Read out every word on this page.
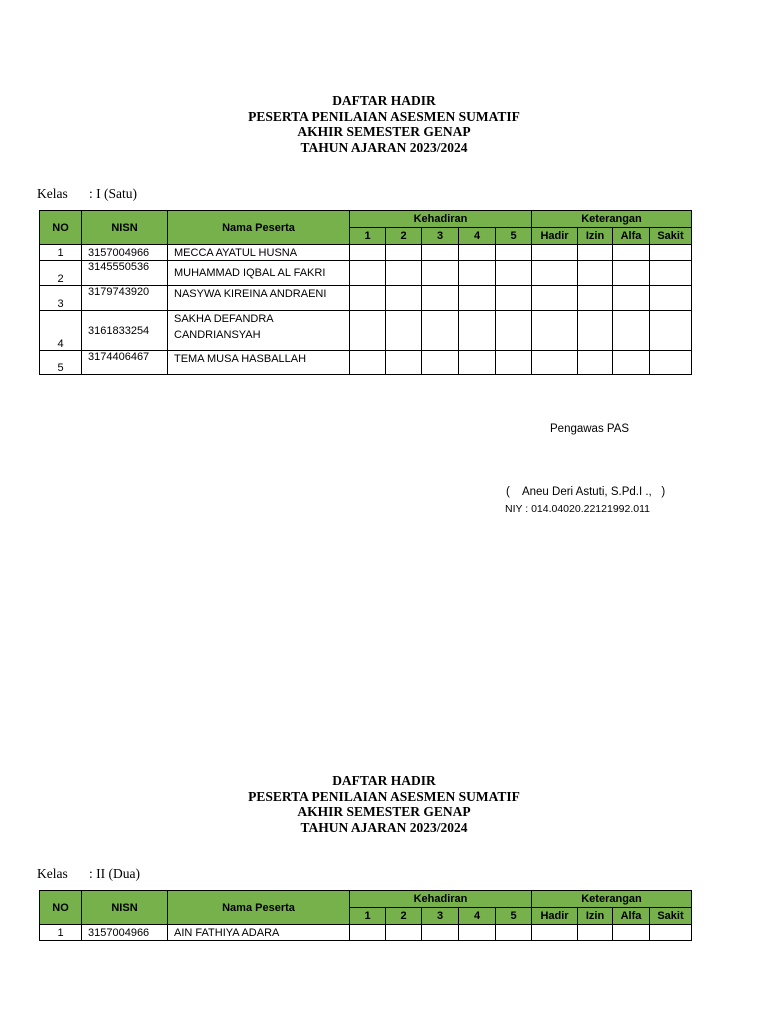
DAFTAR HADIR
PESERTA PENILAIAN ASESMEN SUMATIF
AKHIR SEMESTER GENAP
TAHUN AJARAN 2023/2024
Kelas : I (Satu)
NO	NISN	Nama Peserta	Kehadiran					Keterangan			
			1	2	3	4	5	Hadir	Izin	Alfa	Sakit
1	3157004966	MECCA AYATUL HUSNA									
2	3145550536	MUHAMMAD IQBAL AL FAKRI									
3	3179743920	NASYWA KIREINA ANDRAENI									
4	3161833254	SAKHA DEFANDRA
CANDRIANSYAH									

5	3174406467	TEMA MUSA HASBALLAH									
Pengawas PAS
(    Aneu Deri Astuti, S.Pd.I .,   )
NIY : 014.04020.22121992.011
DAFTAR HADIR
PESERTA PENILAIAN ASESMEN SUMATIF
AKHIR SEMESTER GENAP
TAHUN AJARAN 2023/2024
Kelas : II (Dua)
NO	NISN	Nama Peserta	Kehadiran					Keterangan			
			1	2	3	4	5	Hadir	Izin	Alfa	Sakit
1	3157004966	AIN FATHIYA ADARA									
